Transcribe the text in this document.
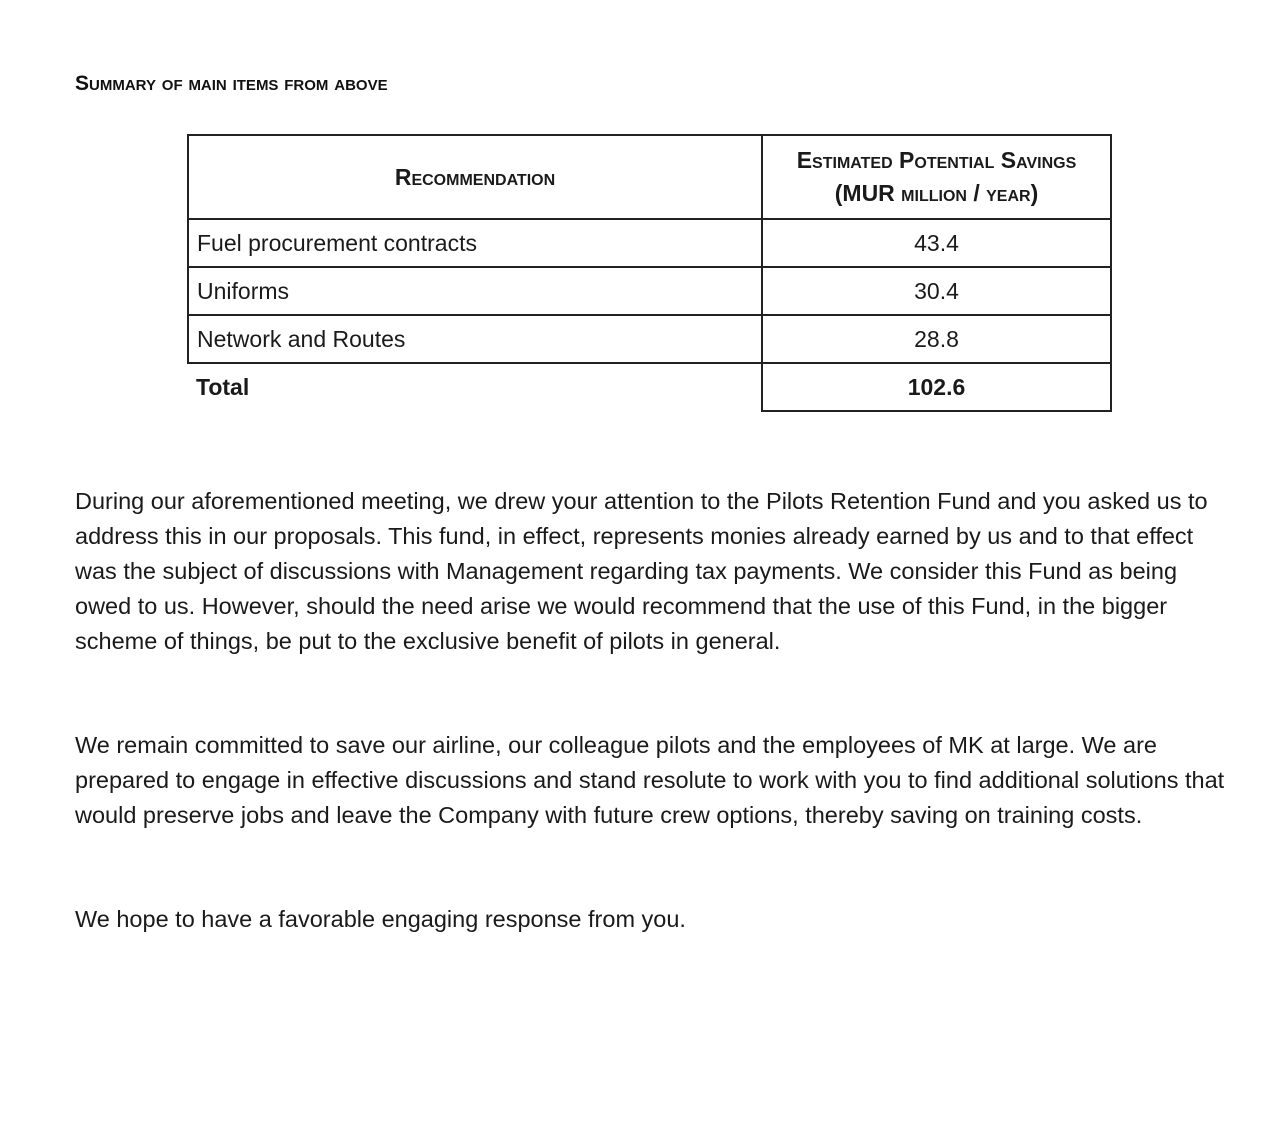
Summary of main items from above
Recommendation	Estimated Potential Savings
(MUR million / year)
Fuel procurement contracts	43.4
Uniforms	30.4
Network and Routes	28.8
Total	102.6

During our aforementioned meeting, we drew your attention to the Pilots Retention Fund and you asked us to address this in our proposals. This fund, in effect, represents monies already earned by us and to that effect was the subject of discussions with Management regarding tax payments. We consider this Fund as being owed to us. However, should the need arise we would recommend that the use of this Fund, in the bigger scheme of things, be put to the exclusive benefit of pilots in general.

We remain committed to save our airline, our colleague pilots and the employees of MK at large. We are prepared to engage in effective discussions and stand resolute to work with you to find additional solutions that would preserve jobs and leave the Company with future crew options, thereby saving on training costs.

We hope to have a favorable engaging response from you.
